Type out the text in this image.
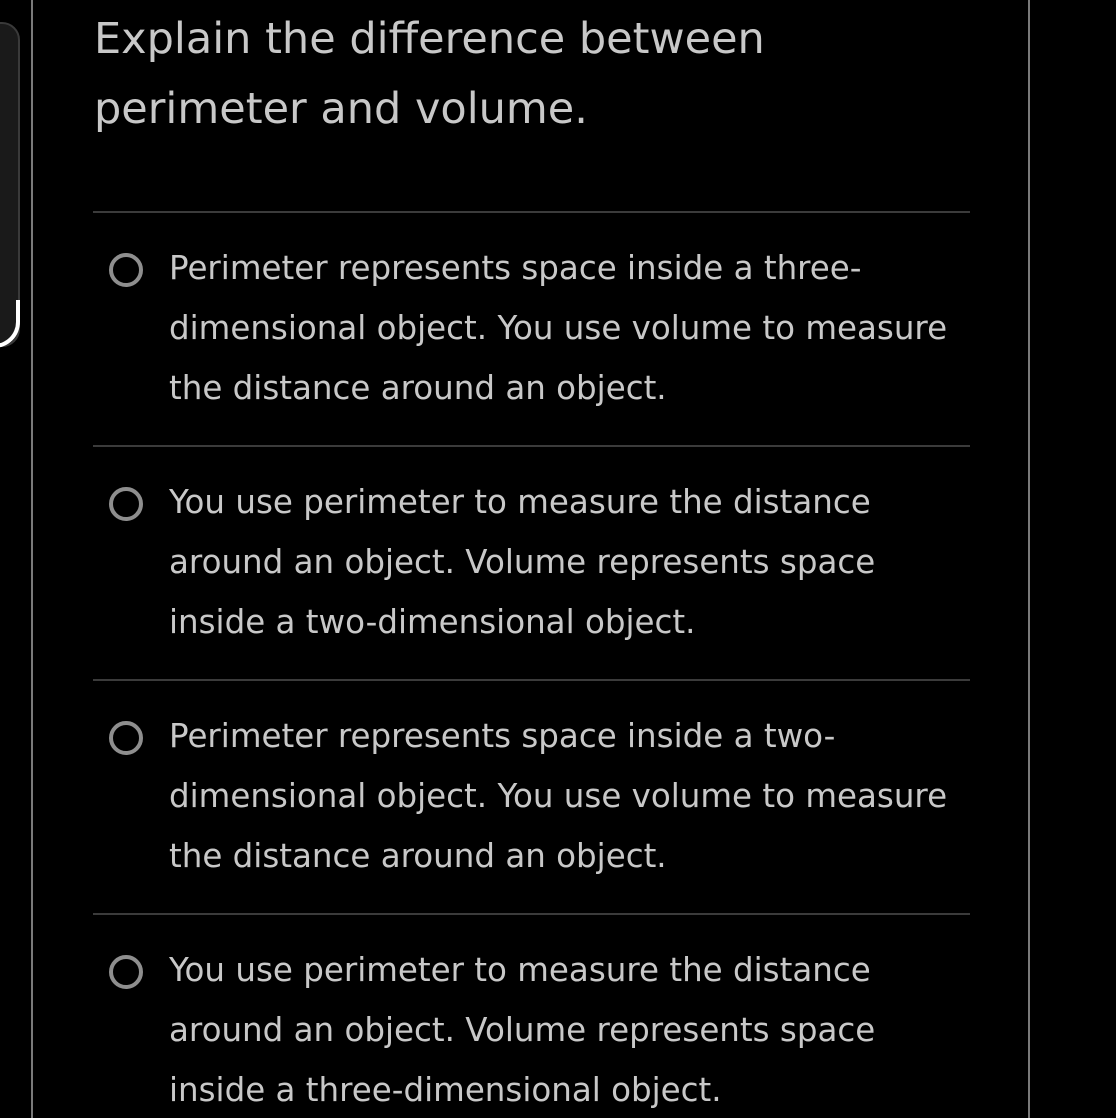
Explain the difference between perimeter and volume.
Perimeter represents space inside a three-dimensional object. You use volume to measure the distance around an object.
You use perimeter to measure the distance around an object. Volume represents space inside a two-dimensional object.
Perimeter represents space inside a two-dimensional object. You use volume to measure the distance around an object.
You use perimeter to measure the distance around an object. Volume represents space inside a three-dimensional object.
